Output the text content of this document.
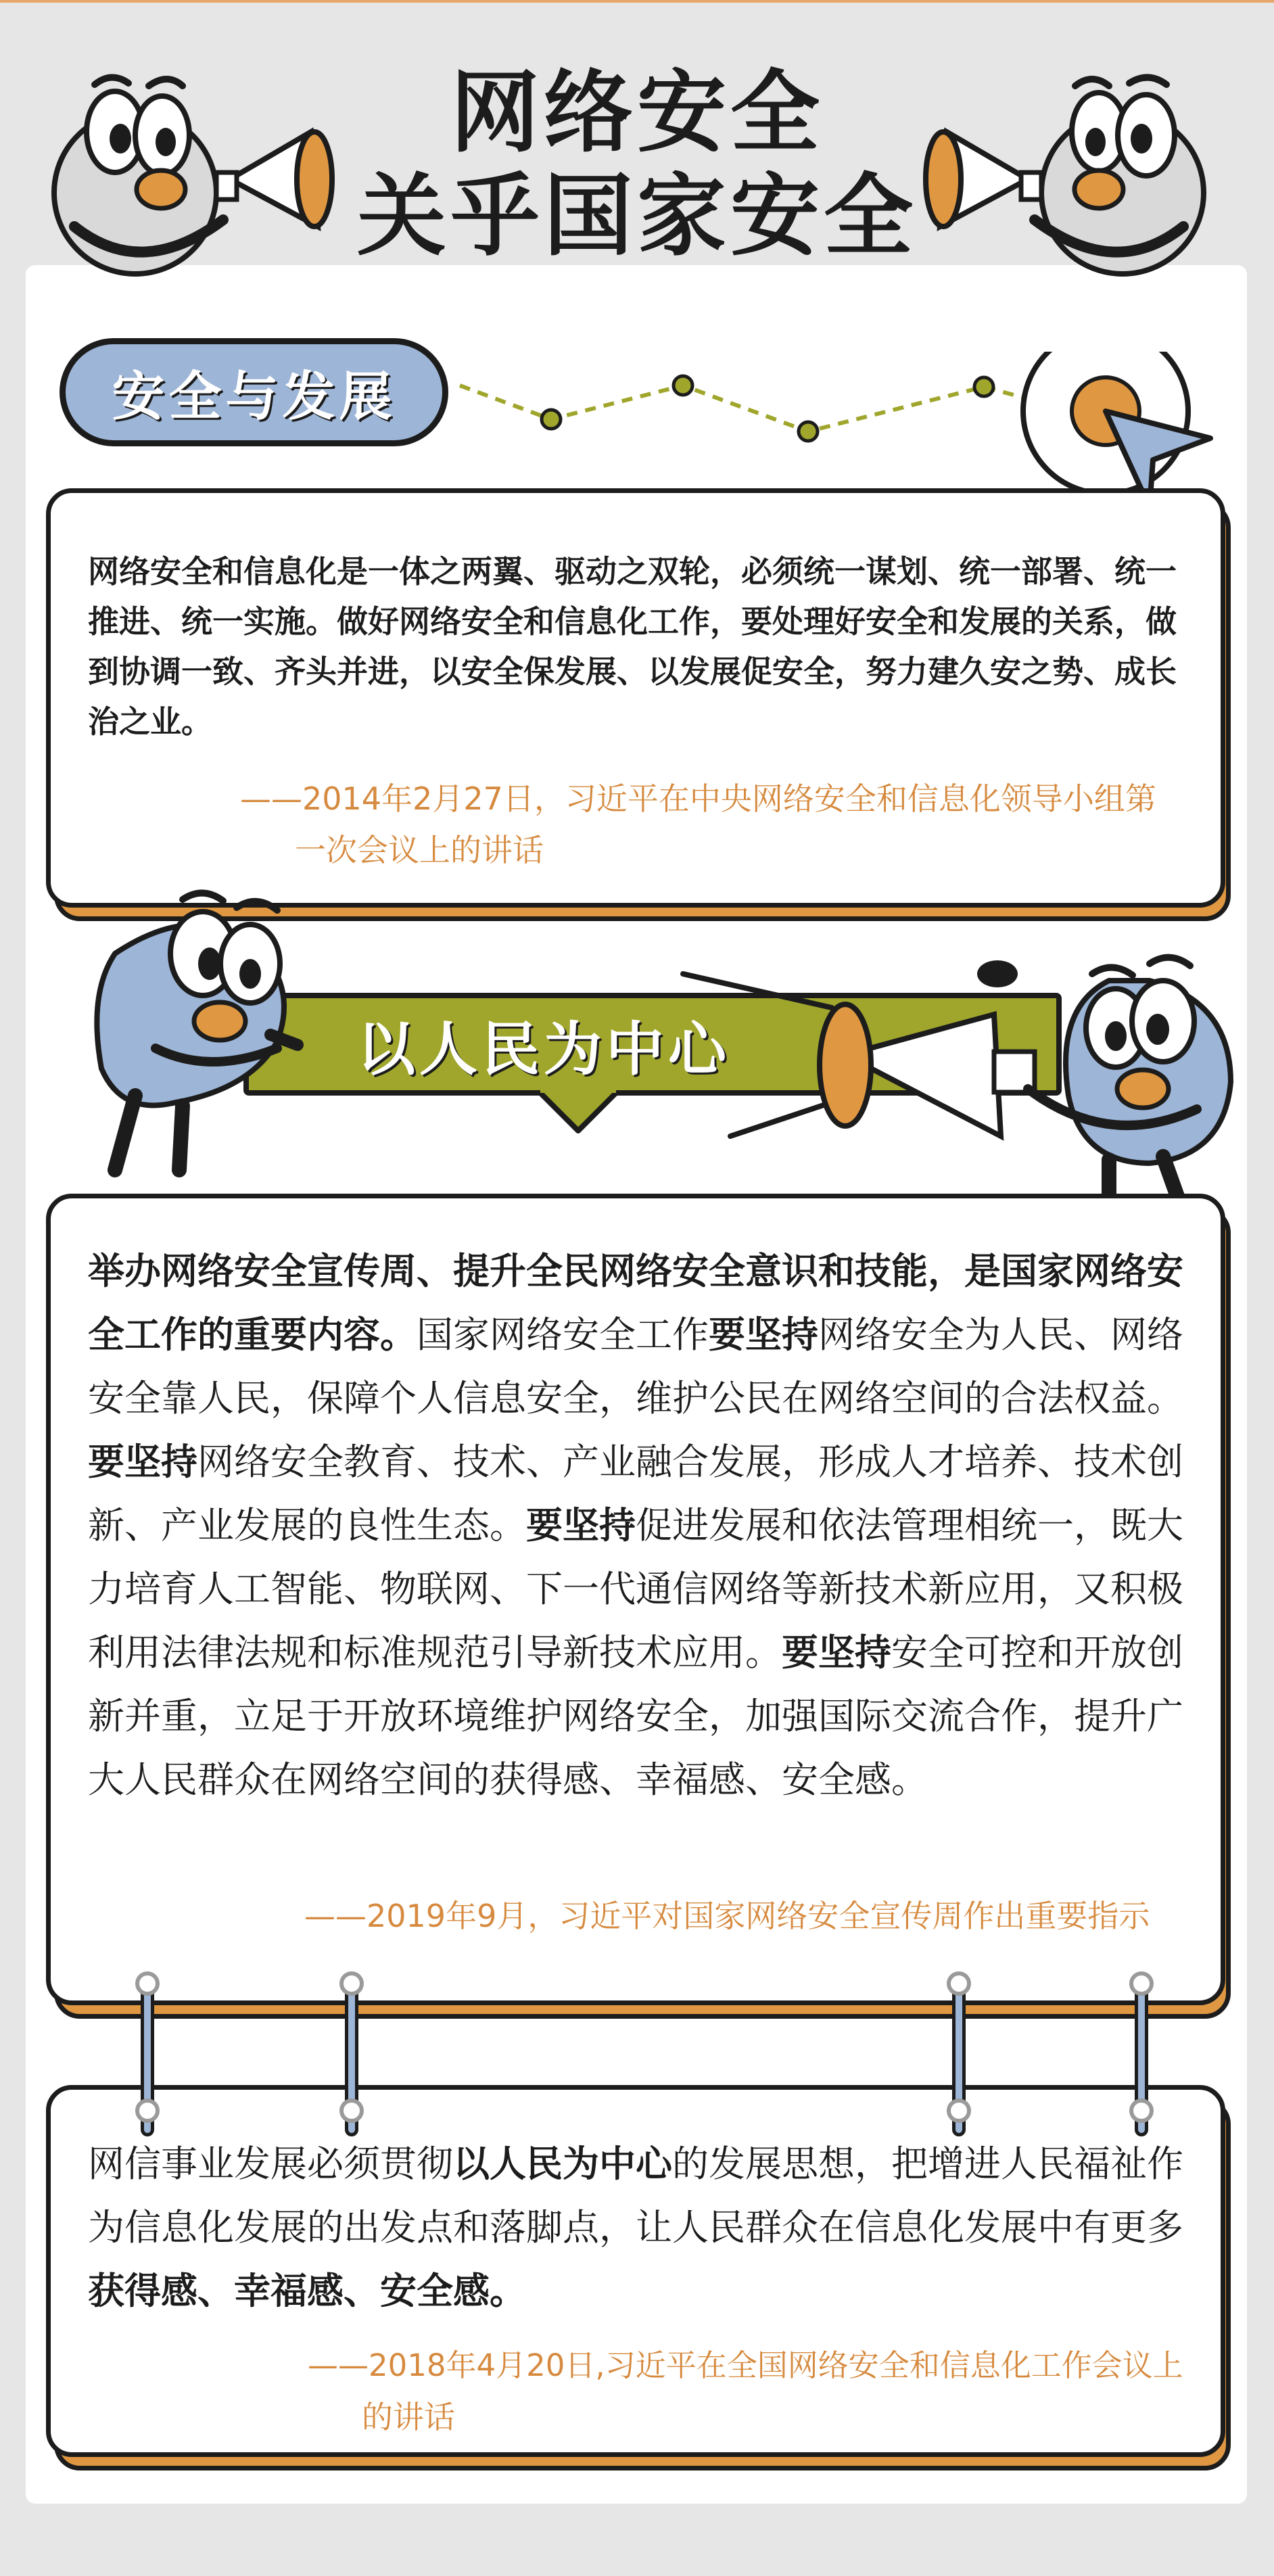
网络安全
关乎国家安全
安全与发展
网络安全和信息化是一体之两翼、驱动之双轮，必须统一谋划、统一部署、统一推进、统一实施。做好网络安全和信息化工作，要处理好安全和发展的关系，做到协调一致、齐头并进，以安全保发展、以发展促安全，努力建久安之势、成长治之业。
——2014年2月27日，习近平在中央网络安全和信息化领导小组第
一次会议上的讲话
以人民为中心
举办网络安全宣传周、提升全民网络安全意识和技能，是国家网络安全工作的重要内容。国家网络安全工作要坚持网络安全为人民、网络安全靠人民，保障个人信息安全，维护公民在网络空间的合法权益。要坚持网络安全教育、技术、产业融合发展，形成人才培养、技术创新、产业发展的良性生态。要坚持促进发展和依法管理相统一，既大力培育人工智能、物联网、下一代通信网络等新技术新应用，又积极利用法律法规和标准规范引导新技术应用。要坚持安全可控和开放创新并重，立足于开放环境维护网络安全，加强国际交流合作，提升广大人民群众在网络空间的获得感、幸福感、安全感。
——2019年9月，习近平对国家网络安全宣传周作出重要指示
网信事业发展必须贯彻以人民为中心的发展思想，把增进人民福祉作为信息化发展的出发点和落脚点，让人民群众在信息化发展中有更多获得感、幸福感、安全感。
——2018年4月20日,习近平在全国网络安全和信息化工作会议上
的讲话
